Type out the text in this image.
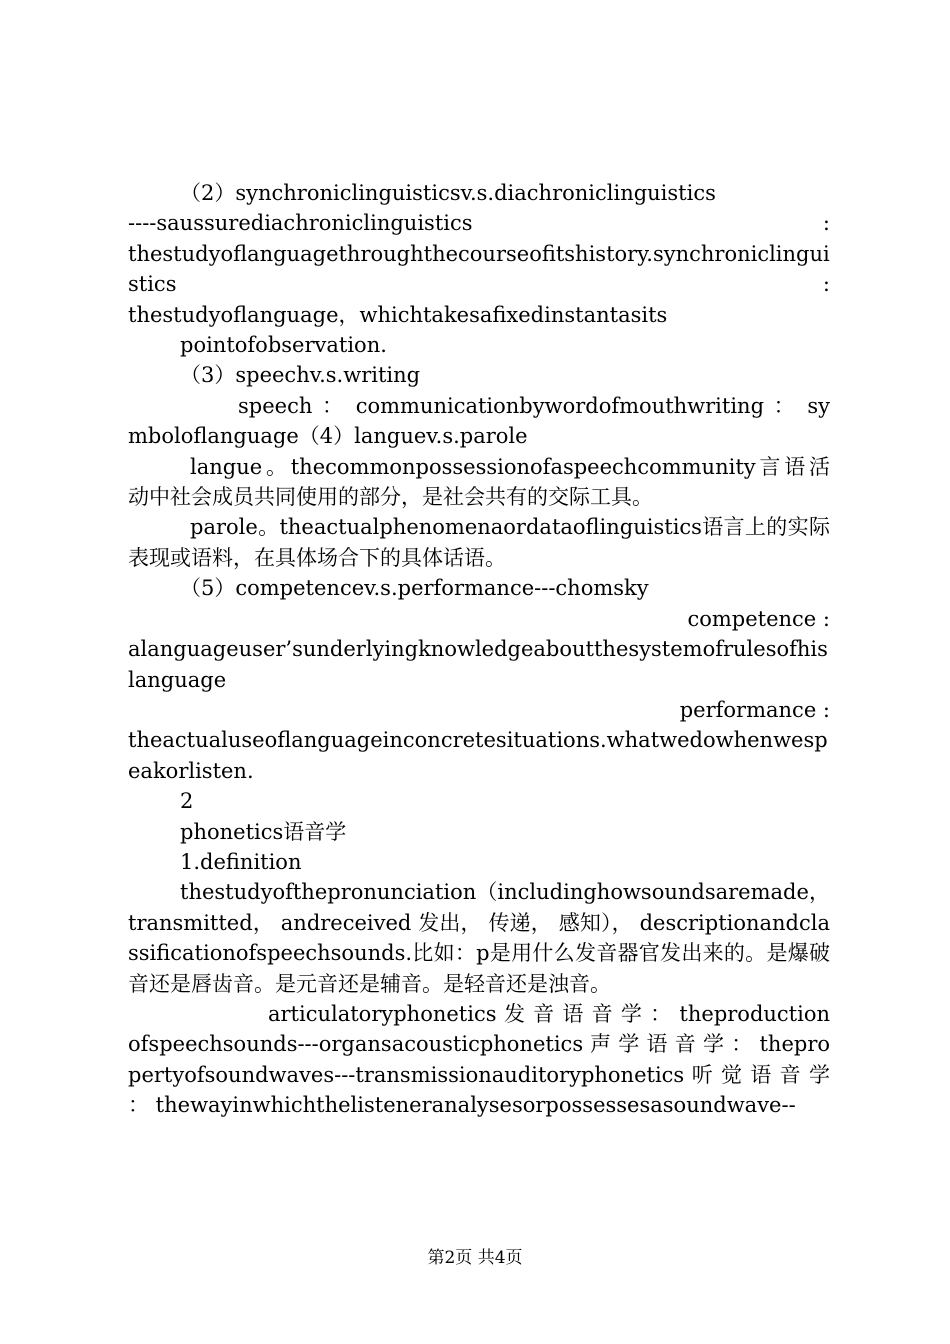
（2）synchroniclinguisticsv.s.diachroniclinguistics

----saussurediachroniclinguistics :

thestudyoflanguagethroughthecourseofitshistory.synchroniclinguistics :

thestudyoflanguage，whichtakesafixedinstantasits

pointofobservation.

（3）speechv.s.writing

speech ： communicationbywordofmouthwriting ： symboloflanguage（4）languev.s.parole

langue。thecommonpossessionofaspeechcommunity言语活动中社会成员共同使用的部分，是社会共有的交际工具。

parole。theactualphenomenaordataoflinguistics语言上的实际表现或语料，在具体场合下的具体话语。

（5）competencev.s.performance---chomsky

competence :

alanguageuser’sunderlyingknowledgeaboutthesystemofrulesofhislanguage

performance :

theactualuseoflanguageinconcretesituations.whatwedowhenwespeakorlisten.

2

phonetics语音学

1.definition

thestudyofthepronunciation（includinghowsoundsaremade， transmitted， andreceived 发出， 传递， 感知）， descriptionandclassificationofspeechsounds.比如：p是用什么发音器官发出来的。是爆破音还是唇齿音。是元音还是辅音。是轻音还是浊音。

articulatoryphonetics 发 音 语 音 学 ： theproductionofspeechsounds---organsacousticphonetics 声 学 语 音 学 ： thepropertyofsoundwaves---transmissionauditoryphonetics 听 觉 语 音 学 ： thewayinwhichthelisteneranalysesorpossessesasoundwave--

第2页 共4页
